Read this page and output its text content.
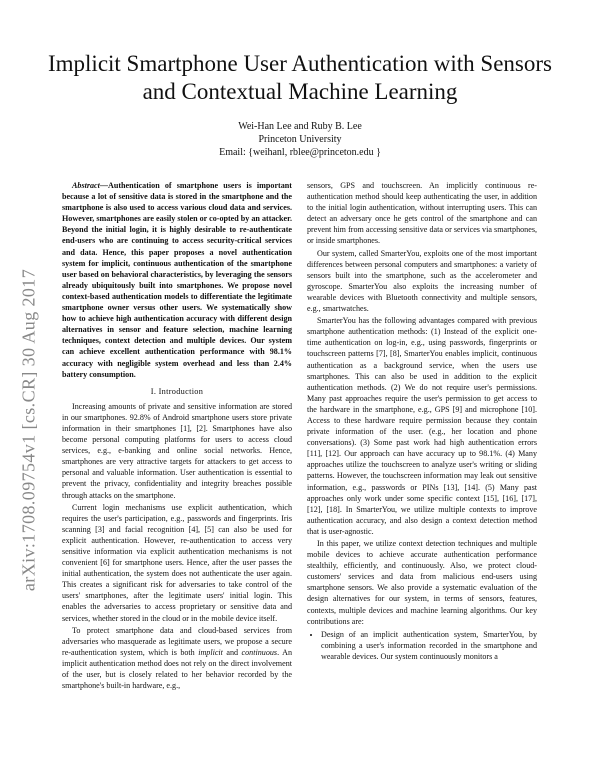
Implicit Smartphone User Authentication with Sensors and Contextual Machine Learning
Wei-Han Lee and Ruby B. Lee
Princeton University
Email: {weihanl, rblee@princeton.edu }
arXiv:1708.09754v1 [cs.CR] 30 Aug 2017

Abstract—Authentication of smartphone users is important because a lot of sensitive data is stored in the smartphone and the smartphone is also used to access various cloud data and services. However, smartphones are easily stolen or co-opted by an attacker. Beyond the initial login, it is highly desirable to re-authenticate end-users who are continuing to access security-critical services and data. Hence, this paper proposes a novel authentication system for implicit, continuous authentication of the smartphone user based on behavioral characteristics, by leveraging the sensors already ubiquitously built into smartphones. We propose novel context-based authentication models to differentiate the legitimate smartphone owner versus other users. We systematically show how to achieve high authentication accuracy with different design alternatives in sensor and feature selection, machine learning techniques, context detection and multiple devices. Our system can achieve excellent authentication performance with 98.1% accuracy with negligible system overhead and less than 2.4% battery consumption.

I. Introduction

Increasing amounts of private and sensitive information are stored in our smartphones. 92.8% of Android smartphone users store private information in their smartphones [1], [2]. Smartphones have also become personal computing platforms for users to access cloud services, e.g., e-banking and online social networks. Hence, smartphones are very attractive targets for attackers to get access to personal and valuable information. User authentication is essential to prevent the privacy, confidentiality and integrity breaches possible through attacks on the smartphone.

Current login mechanisms use explicit authentication, which requires the user's participation, e.g., passwords and fingerprints. Iris scanning [3] and facial recognition [4], [5] can also be used for explicit authentication. However, re-authentication to access very sensitive information via explicit authentication mechanisms is not convenient [6] for smartphone users. Hence, after the user passes the initial authentication, the system does not authenticate the user again. This creates a significant risk for adversaries to take control of the users' smartphones, after the legitimate users' initial login. This enables the adversaries to access proprietary or sensitive data and services, whether stored in the cloud or in the mobile device itself.

To protect smartphone data and cloud-based services from adversaries who masquerade as legitimate users, we propose a secure re-authentication system, which is both implicit and continuous. An implicit authentication method does not rely on the direct involvement of the user, but is closely related to her behavior recorded by the smartphone's built-in hardware, e.g.,

sensors, GPS and touchscreen. An implicitly continuous re-authentication method should keep authenticating the user, in addition to the initial login authentication, without interrupting users. This can detect an adversary once he gets control of the smartphone and can prevent him from accessing sensitive data or services via smartphones, or inside smartphones.

Our system, called SmarterYou, exploits one of the most important differences between personal computers and smartphones: a variety of sensors built into the smartphone, such as the accelerometer and gyroscope. SmarterYou also exploits the increasing number of wearable devices with Bluetooth connectivity and multiple sensors, e.g., smartwatches.

SmarterYou has the following advantages compared with previous smartphone authentication methods: (1) Instead of the explicit one-time authentication on log-in, e.g., using passwords, fingerprints or touchscreen patterns [7], [8], SmarterYou enables implicit, continuous authentication as a background service, when the users use smartphones. This can also be used in addition to the explicit authentication methods. (2) We do not require user's permissions. Many past approaches require the user's permission to get access to the hardware in the smartphone, e.g., GPS [9] and microphone [10]. Access to these hardware require permission because they contain private information of the user. (e.g., her location and phone conversations). (3) Some past work had high authentication errors [11], [12]. Our approach can have accuracy up to 98.1%. (4) Many approaches utilize the touchscreen to analyze user's writing or sliding patterns. However, the touchscreen information may leak out sensitive information, e.g., passwords or PINs [13], [14]. (5) Many past approaches only work under some specific context [15], [16], [17], [12], [18]. In SmarterYou, we utilize multiple contexts to improve authentication accuracy, and also design a context detection method that is user-agnostic.

In this paper, we utilize context detection techniques and multiple mobile devices to achieve accurate authentication performance stealthily, efficiently, and continuously. Also, we protect cloud-customers' services and data from malicious end-users using smartphone sensors. We also provide a systematic evaluation of the design alternatives for our system, in terms of sensors, features, contexts, multiple devices and machine learning algorithms. Our key contributions are:

• Design of an implicit authentication system, SmarterYou, by combining a user's information recorded in the smartphone and wearable devices. Our system continuously monitors a
